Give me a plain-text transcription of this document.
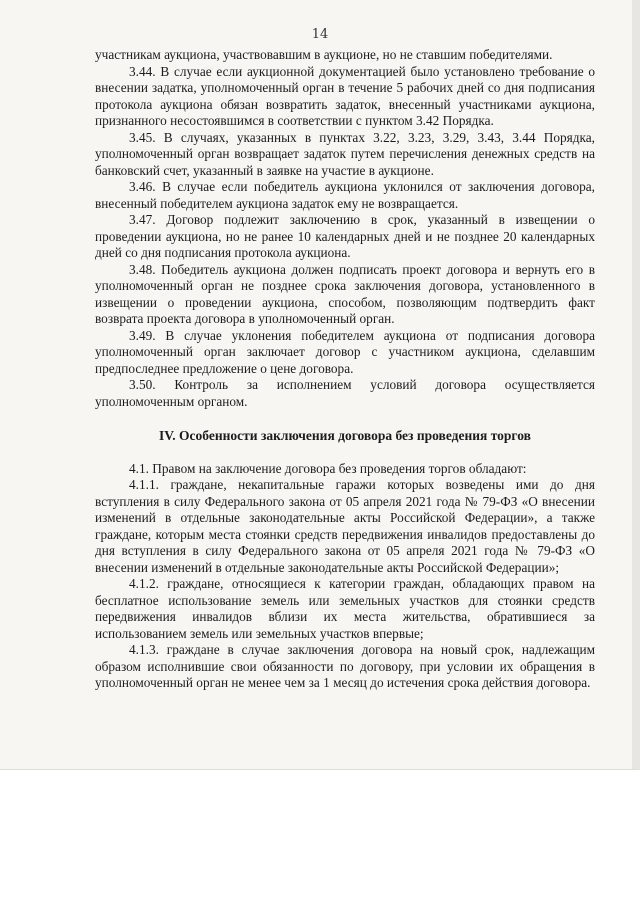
14

участникам аукциона, участвовавшим в аукционе, но не ставшим победителями.

3.44. В случае если аукционной документацией было установлено требование о внесении задатка, уполномоченный орган в течение 5 рабочих дней со дня подписания протокола аукциона обязан возвратить задаток, внесенный участниками аукциона, признанного несостоявшимся в соответствии с пунктом 3.42 Порядка.

3.45. В случаях, указанных в пунктах 3.22, 3.23, 3.29, 3.43, 3.44 Порядка, уполномоченный орган возвращает задаток путем перечисления денежных средств на банковский счет, указанный в заявке на участие в аукционе.

3.46. В случае если победитель аукциона уклонился от заключения договора, внесенный победителем аукциона задаток ему не возвращается.

3.47. Договор подлежит заключению в срок, указанный в извещении о проведении аукциона, но не ранее 10 календарных дней и не позднее 20 календарных дней со дня подписания протокола аукциона.

3.48. Победитель аукциона должен подписать проект договора и вернуть его в уполномоченный орган не позднее срока заключения договора, установленного в извещении о проведении аукциона, способом, позволяющим подтвердить факт возврата проекта договора в уполномоченный орган.

3.49. В случае уклонения победителем аукциона от подписания договора уполномоченный орган заключает договор с участником аукциона, сделавшим предпоследнее предложение о цене договора.

3.50. Контроль за исполнением условий договора осуществляется уполномоченным органом.

IV. Особенности заключения договора без проведения торгов

4.1. Правом на заключение договора без проведения торгов обладают:

4.1.1. граждане, некапитальные гаражи которых возведены ими до дня вступления в силу Федерального закона от 05 апреля 2021 года № 79-ФЗ «О внесении изменений в отдельные законодательные акты Российской Федерации», а также граждане, которым места стоянки средств передвижения инвалидов предоставлены до дня вступления в силу Федерального закона от 05 апреля 2021 года № 79-ФЗ «О внесении изменений в отдельные законодательные акты Российской Федерации»;

4.1.2. граждане, относящиеся к категории граждан, обладающих правом на бесплатное использование земель или земельных участков для стоянки средств передвижения инвалидов вблизи их места жительства, обратившиеся за использованием земель или земельных участков впервые;

4.1.3. граждане в случае заключения договора на новый срок, надлежащим образом исполнившие свои обязанности по договору, при условии их обращения в уполномоченный орган не менее чем за 1 месяц до истечения срока действия договора.
